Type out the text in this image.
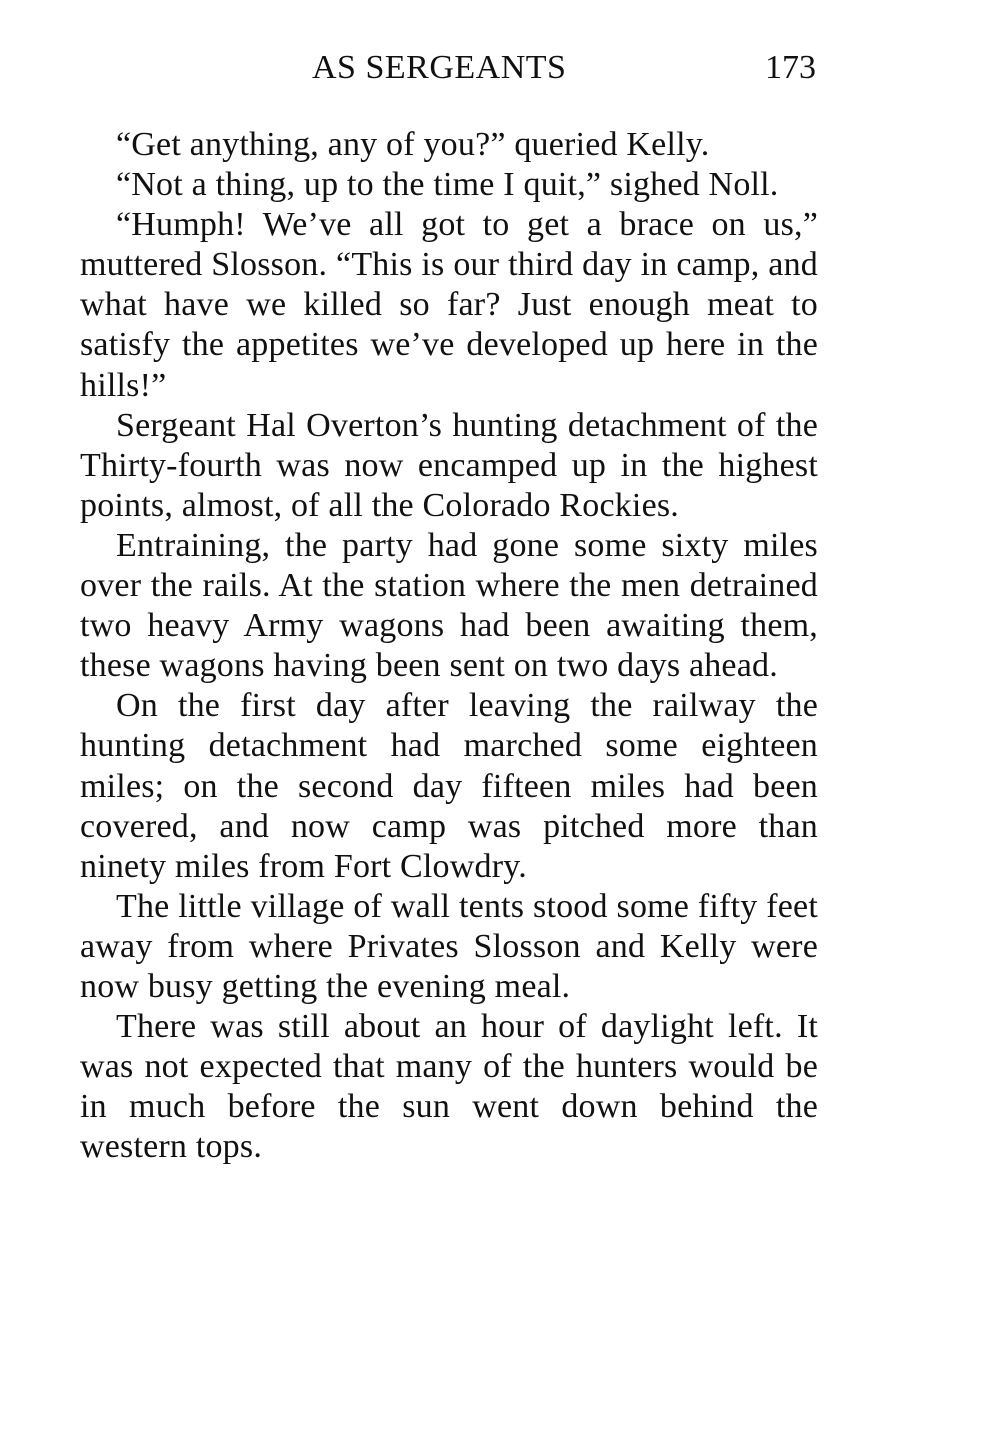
AS SERGEANTS	173

“Get anything, any of you?” queried Kelly.

“Not a thing, up to the time I quit,” sighed Noll.

“Humph! We’ve all got to get a brace on us,” muttered Slosson. “This is our third day in camp, and what have we killed so far? Just enough meat to satisfy the appetites we’ve developed up here in the hills!”

Sergeant Hal Overton’s hunting detachment of the Thirty-fourth was now encamped up in the highest points, almost, of all the Colorado Rockies.

Entraining, the party had gone some sixty miles over the rails. At the station where the men detrained two heavy Army wagons had been awaiting them, these wagons having been sent on two days ahead.

On the first day after leaving the railway the hunting detachment had marched some eighteen miles; on the second day fifteen miles had been covered, and now camp was pitched more than ninety miles from Fort Clowdry.

The little village of wall tents stood some fifty feet away from where Privates Slosson and Kelly were now busy getting the evening meal.

There was still about an hour of daylight left. It was not expected that many of the hunters would be in much before the sun went down behind the western tops.
